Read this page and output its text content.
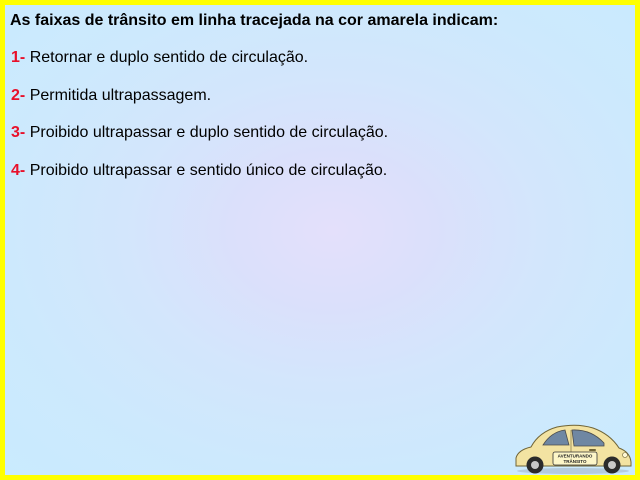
As faixas de trânsito em linha tracejada na cor amarela indicam:

1- Retornar e duplo sentido de circulação.
2- Permitida ultrapassagem.
3- Proibido ultrapassar e duplo sentido de circulação.
4- Proibido ultrapassar e sentido único de circulação.
AVENTURANDO
TRÂNSITO
